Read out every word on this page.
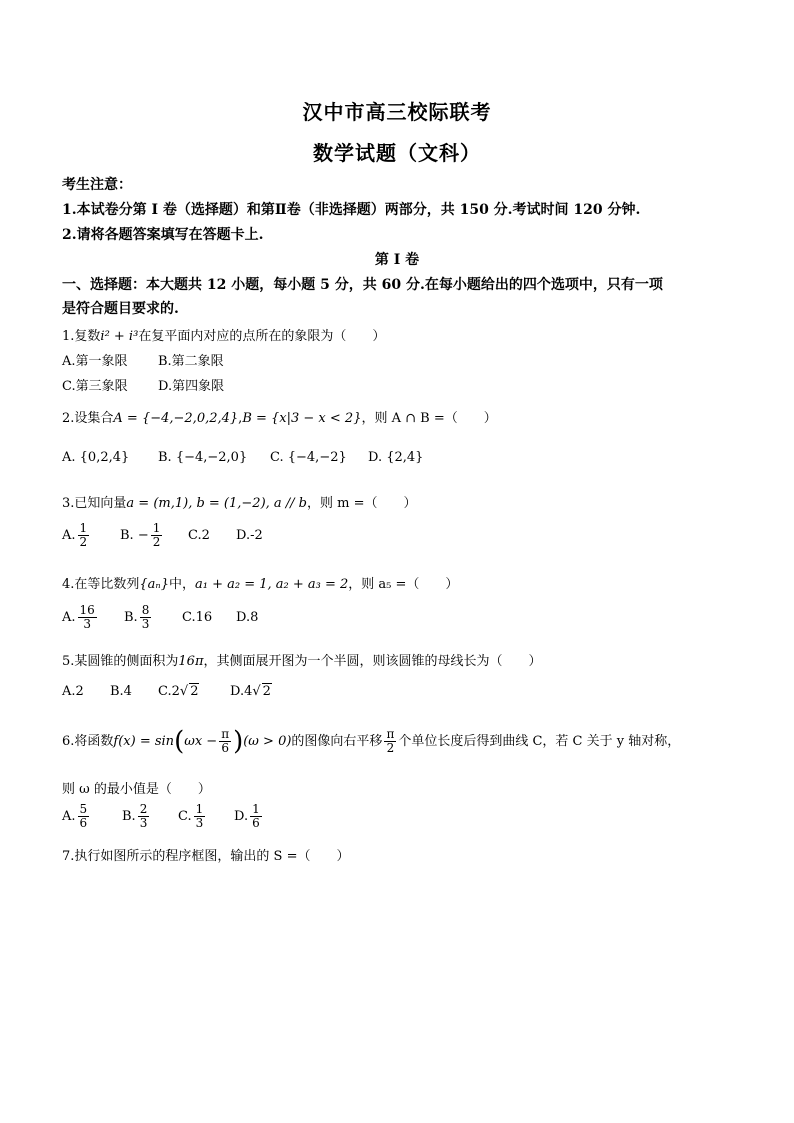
汉中市高三校际联考
数学试题（文科）
考生注意：
1.本试卷分第 I 卷（选择题）和第Ⅱ卷（非选择题）两部分，共 150 分.考试时间 120 分钟.
2.请将各题答案填写在答题卡上.
第 I 卷
一、选择题：本大题共 12 小题，每小题 5 分，共 60 分.在每小题给出的四个选项中，只有一项
是符合题目要求的.
1.复数i² + i³在复平面内对应的点所在的象限为（　　）
A.第一象限 B.第二象限
C.第三象限 D.第四象限
2.设集合A = {−4,−2,0,2,4},B = {x|3 − x < 2}，则 A ∩ B =（　　）
A. {0,2,4} B. {−4,−2,0} C. {−4,−2} D. {2,4}
3.已知向量a = (m,1), b = (1,−2), a // b，则 m =（　　）
A. $\frac{1}{2} B$. − $\frac{1}{2} C.2$ D.-2
4.在等比数列{aₙ}中，a₁ + a₂ = 1, a₂ + a₃ = 2，则 a₅ =（　　）
A. $\frac{16}{3} B$. $\frac{8}{3} C.16$ D.8
5.某圆锥的侧面积为16π，其侧面展开图为一个半圆，则该圆锥的母线长为（　　）
A.2 B.4 C.2√ 2 D.4√ 2
6.将函数$f(x) = \sin(\omega x - \frac{\pi}{6} )(\omega > 0)$的图像向右平移 $\frac{\pi}{2}$ 个单位长度后得到曲线 C，若 C 关于 y 轴对称，
则 ω 的最小值是（　　）
A. $\frac{5}{6}$	B. $\frac{2}{3} C$. $\frac{1}{3} D$. $\frac{1}{6}$
7.执行如图所示的程序框图，输出的 S =（　　）
